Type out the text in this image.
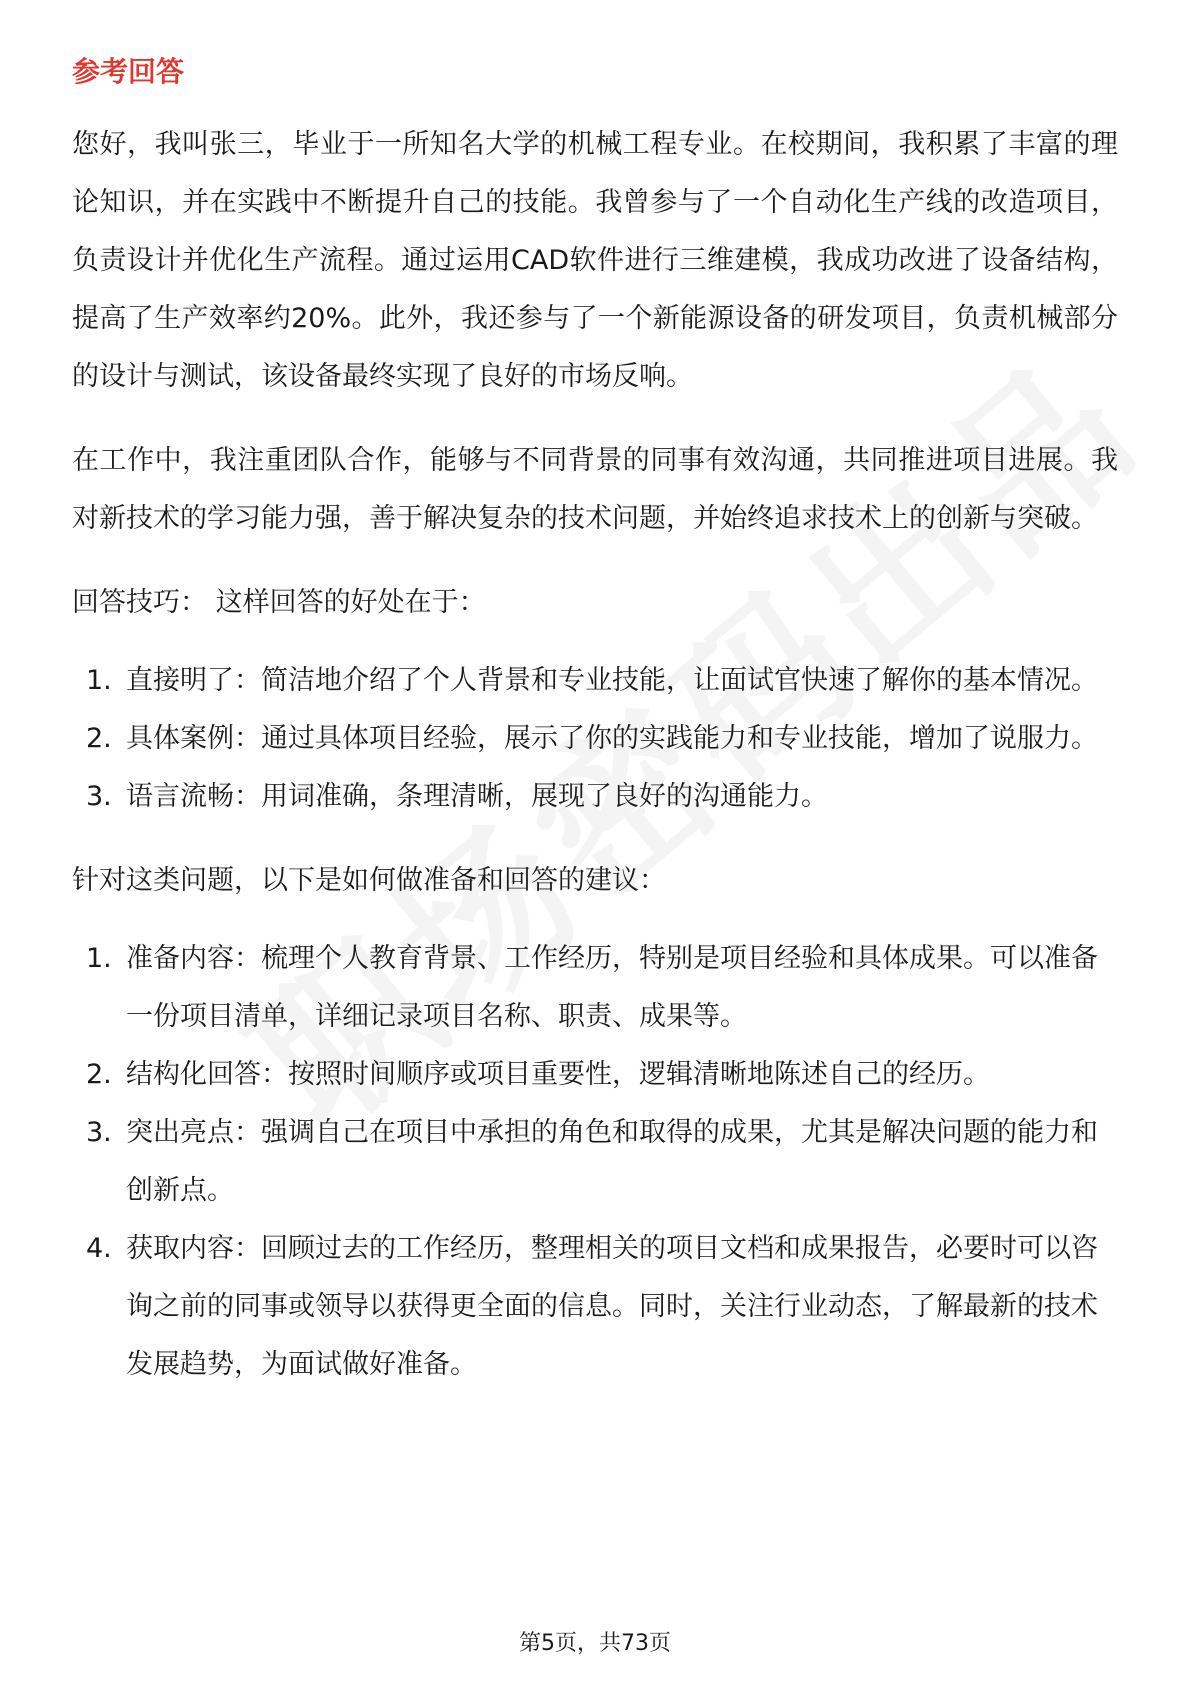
参考回答

您好，我叫张三，毕业于一所知名大学的机械工程专业。在校期间，我积累了丰富的理论知识，并在实践中不断提升自己的技能。我曾参与了一个自动化生产线的改造项目，负责设计并优化生产流程。通过运用CAD软件进行三维建模，我成功改进了设备结构，提高了生产效率约20%。此外，我还参与了一个新能源设备的研发项目，负责机械部分的设计与测试，该设备最终实现了良好的市场反响。

在工作中，我注重团队合作，能够与不同背景的同事有效沟通，共同推进项目进展。我对新技术的学习能力强，善于解决复杂的技术问题，并始终追求技术上的创新与突破。

回答技巧： 这样回答的好处在于：

1. 直接明了：简洁地介绍了个人背景和专业技能，让面试官快速了解你的基本情况。
2. 具体案例：通过具体项目经验，展示了你的实践能力和专业技能，增加了说服力。
3. 语言流畅：用词准确，条理清晰，展现了良好的沟通能力。

针对这类问题，以下是如何做准备和回答的建议：

1. 准备内容：梳理个人教育背景、工作经历，特别是项目经验和具体成果。可以准备一份项目清单，详细记录项目名称、职责、成果等。
2. 结构化回答：按照时间顺序或项目重要性，逻辑清晰地陈述自己的经历。
3. 突出亮点：强调自己在项目中承担的角色和取得的成果，尤其是解决问题的能力和创新点。
4. 获取内容：回顾过去的工作经历，整理相关的项目文档和成果报告，必要时可以咨询之前的同事或领导以获得更全面的信息。同时，关注行业动态，了解最新的技术发展趋势，为面试做好准备。
第5页，共73页
